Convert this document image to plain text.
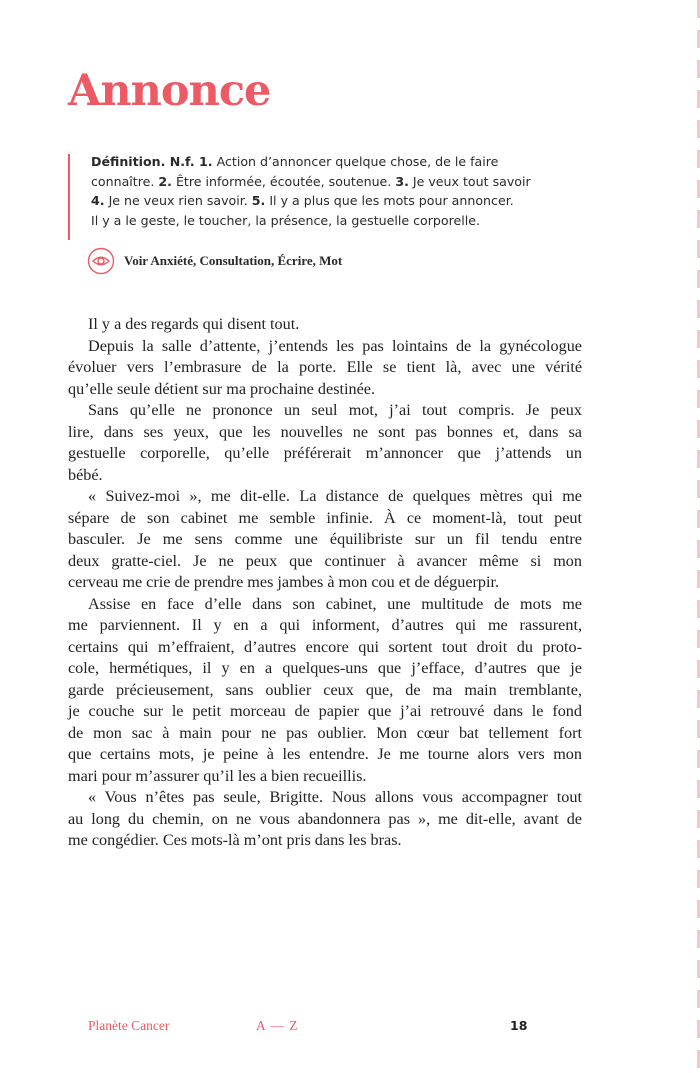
Annonce
Définition. N.f. 1. Action d’annoncer quelque chose, de le faire
connaître. 2. Être informée, écoutée, soutenue. 3. Je veux tout savoir
4. Je ne veux rien savoir. 5. Il y a plus que les mots pour annoncer.
Il y a le geste, le toucher, la présence, la gestuelle corporelle.
Voir Anxiété, Consultation, Écrire, Mot
Il y a des regards qui disent tout.
Depuis la salle d’attente, j’entends les pas lointains de la gynécologue
évoluer vers l’embrasure de la porte. Elle se tient là, avec une vérité
qu’elle seule détient sur ma prochaine destinée.
Sans qu’elle ne prononce un seul mot, j’ai tout compris. Je peux
lire, dans ses yeux, que les nouvelles ne sont pas bonnes et, dans sa
gestuelle corporelle, qu’elle préférerait m’annoncer que j’attends un
bébé.
« Suivez-moi », me dit-elle. La distance de quelques mètres qui me
sépare de son cabinet me semble infinie. À ce moment-là, tout peut
basculer. Je me sens comme une équilibriste sur un fil tendu entre
deux gratte-ciel. Je ne peux que continuer à avancer même si mon
cerveau me crie de prendre mes jambes à mon cou et de déguerpir.
Assise en face d’elle dans son cabinet, une multitude de mots me
me parviennent. Il y en a qui informent, d’autres qui me rassurent,
certains qui m’effraient, d’autres encore qui sortent tout droit du proto-
cole, hermétiques, il y en a quelques-uns que j’efface, d’autres que je
garde précieusement, sans oublier ceux que, de ma main tremblante,
je couche sur le petit morceau de papier que j’ai retrouvé dans le fond
de mon sac à main pour ne pas oublier. Mon cœur bat tellement fort
que certains mots, je peine à les entendre. Je me tourne alors vers mon
mari pour m’assurer qu’il les a bien recueillis.
« Vous n’êtes pas seule, Brigitte. Nous allons vous accompagner tout
au long du chemin, on ne vous abandonnera pas », me dit-elle, avant de
me congédier. Ces mots-là m’ont pris dans les bras.
Planète Cancer	A — Z	18
